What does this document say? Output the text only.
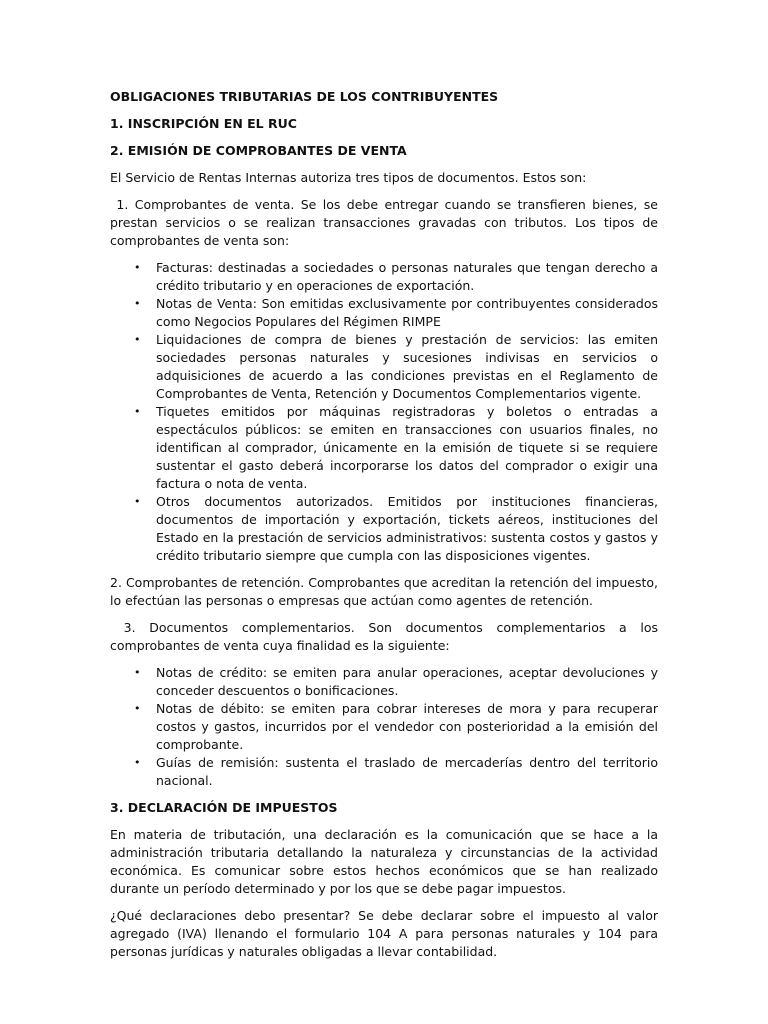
OBLIGACIONES TRIBUTARIAS DE LOS CONTRIBUYENTES

1. INSCRIPCIÓN EN EL RUC

2. EMISIÓN DE COMPROBANTES DE VENTA

El Servicio de Rentas Internas autoriza tres tipos de documentos. Estos son:

1. Comprobantes de venta. Se los debe entregar cuando se transfieren bienes, se prestan servicios o se realizan transacciones gravadas con tributos. Los tipos de comprobantes de venta son:

• Facturas: destinadas a sociedades o personas naturales que tengan derecho a crédito tributario y en operaciones de exportación.
• Notas de Venta: Son emitidas exclusivamente por contribuyentes considerados como Negocios Populares del Régimen RIMPE
• Liquidaciones de compra de bienes y prestación de servicios: las emiten sociedades personas naturales y sucesiones indivisas en servicios o adquisiciones de acuerdo a las condiciones previstas en el Reglamento de Comprobantes de Venta, Retención y Documentos Complementarios vigente.
• Tiquetes emitidos por máquinas registradoras y boletos o entradas a espectáculos públicos: se emiten en transacciones con usuarios finales, no identifican al comprador, únicamente en la emisión de tiquete si se requiere sustentar el gasto deberá incorporarse los datos del comprador o exigir una factura o nota de venta.
• Otros documentos autorizados. Emitidos por instituciones financieras, documentos de importación y exportación, tickets aéreos, instituciones del Estado en la prestación de servicios administrativos: sustenta costos y gastos y crédito tributario siempre que cumpla con las disposiciones vigentes.

2. Comprobantes de retención. Comprobantes que acreditan la retención del impuesto, lo efectúan las personas o empresas que actúan como agentes de retención.

3. Documentos complementarios. Son documentos complementarios a los comprobantes de venta cuya finalidad es la siguiente:

• Notas de crédito: se emiten para anular operaciones, aceptar devoluciones y conceder descuentos o bonificaciones.
• Notas de débito: se emiten para cobrar intereses de mora y para recuperar costos y gastos, incurridos por el vendedor con posterioridad a la emisión del comprobante.
• Guías de remisión: sustenta el traslado de mercaderías dentro del territorio nacional.

3. DECLARACIÓN DE IMPUESTOS

En materia de tributación, una declaración es la comunicación que se hace a la administración tributaria detallando la naturaleza y circunstancias de la actividad económica. Es comunicar sobre estos hechos económicos que se han realizado durante un período determinado y por los que se debe pagar impuestos.

¿Qué declaraciones debo presentar? Se debe declarar sobre el impuesto al valor agregado (IVA) llenando el formulario 104 A para personas naturales y 104 para personas jurídicas y naturales obligadas a llevar contabilidad.
